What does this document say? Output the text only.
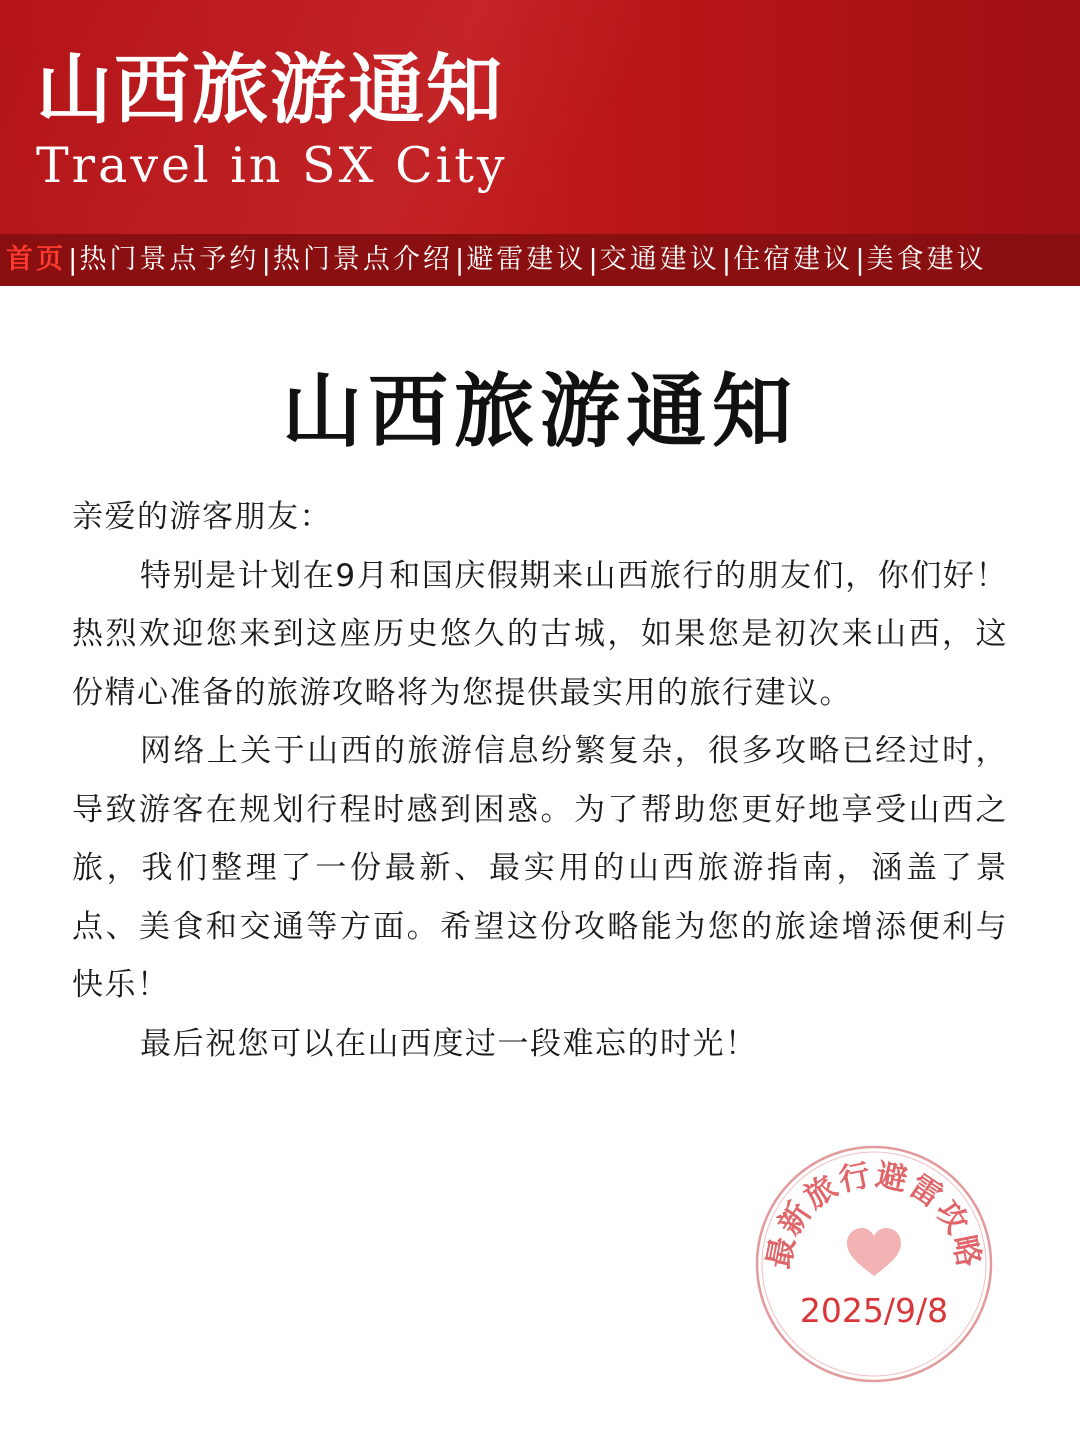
山西旅游通知
Travel in SX City
首页 | 热门景点予约 | 热门景点介绍 | 避雷建议 | 交通建议 | 住宿建议 | 美食建议
山西旅游通知

亲爱的游客朋友：

特别是计划在9月和国庆假期来山西旅行的朋友们，你们好！热烈欢迎您来到这座历史悠久的古城，如果您是初次来山西，这份精心准备的旅游攻略将为您提供最实用的旅行建议。

网络上关于山西的旅游信息纷繁复杂，很多攻略已经过时，导致游客在规划行程时感到困惑。为了帮助您更好地享受山西之旅，我们整理了一份最新、最实用的山西旅游指南，涵盖了景点、美食和交通等方面。希望这份攻略能为您的旅途增添便利与快乐！

最后祝您可以在山西度过一段难忘的时光！

最新旅行避雷攻略
2025/9/8
